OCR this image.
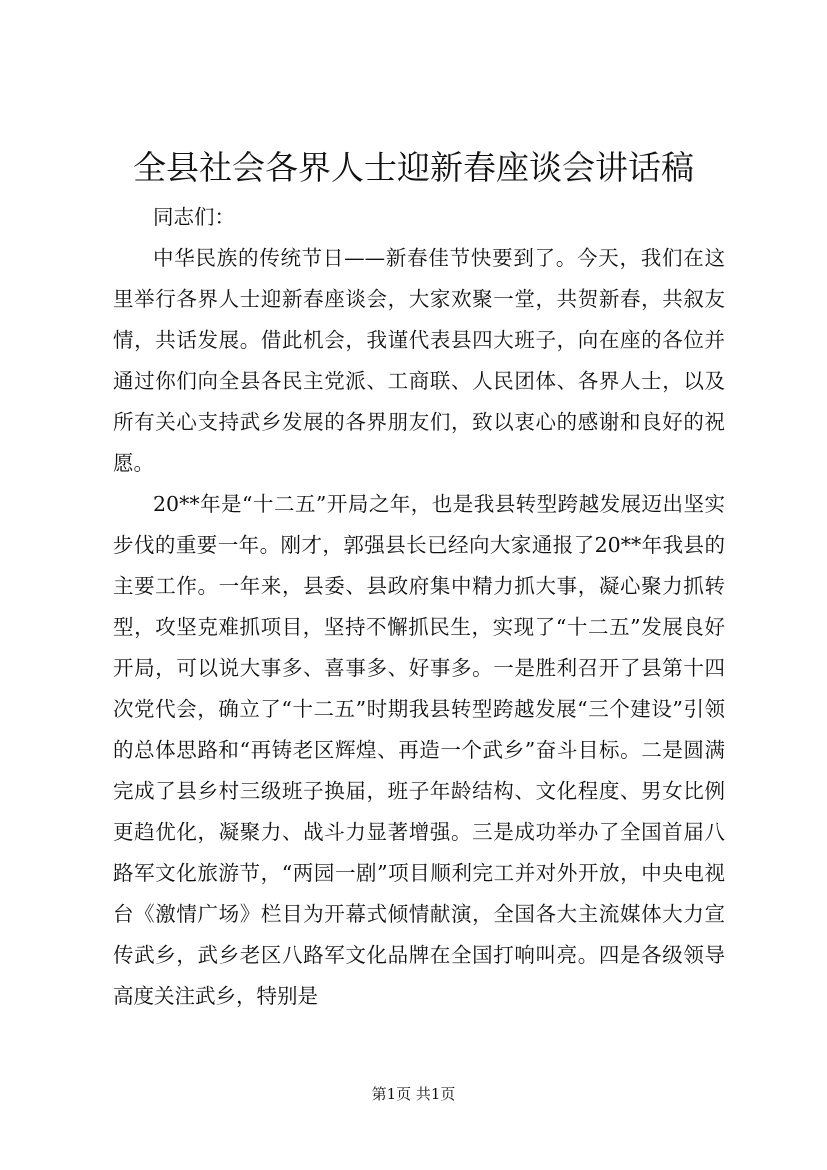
全县社会各界人士迎新春座谈会讲话稿

同志们：

中华民族的传统节日——新春佳节快要到了。今天，我们在这里举行各界人士迎新春座谈会，大家欢聚一堂，共贺新春，共叙友情，共话发展。借此机会，我谨代表县四大班子，向在座的各位并通过你们向全县各民主党派、工商联、人民团体、各界人士，以及所有关心支持武乡发展的各界朋友们，致以衷心的感谢和良好的祝愿。

20**年是“十二五”开局之年，也是我县转型跨越发展迈出坚实步伐的重要一年。刚才，郭强县长已经向大家通报了20**年我县的主要工作。一年来，县委、县政府集中精力抓大事，凝心聚力抓转型，攻坚克难抓项目，坚持不懈抓民生，实现了“十二五”发展良好开局，可以说大事多、喜事多、好事多。一是胜利召开了县第十四次党代会，确立了“十二五”时期我县转型跨越发展“三个建设”引领的总体思路和“再铸老区辉煌、再造一个武乡”奋斗目标。二是圆满完成了县乡村三级班子换届，班子年龄结构、文化程度、男女比例更趋优化，凝聚力、战斗力显著增强。三是成功举办了全国首届八路军文化旅游节，“两园一剧”项目顺利完工并对外开放，中央电视台《激情广场》栏目为开幕式倾情献演，全国各大主流媒体大力宣传武乡，武乡老区八路军文化品牌在全国打响叫亮。四是各级领导高度关注武乡，特别是

第1页 共1页
